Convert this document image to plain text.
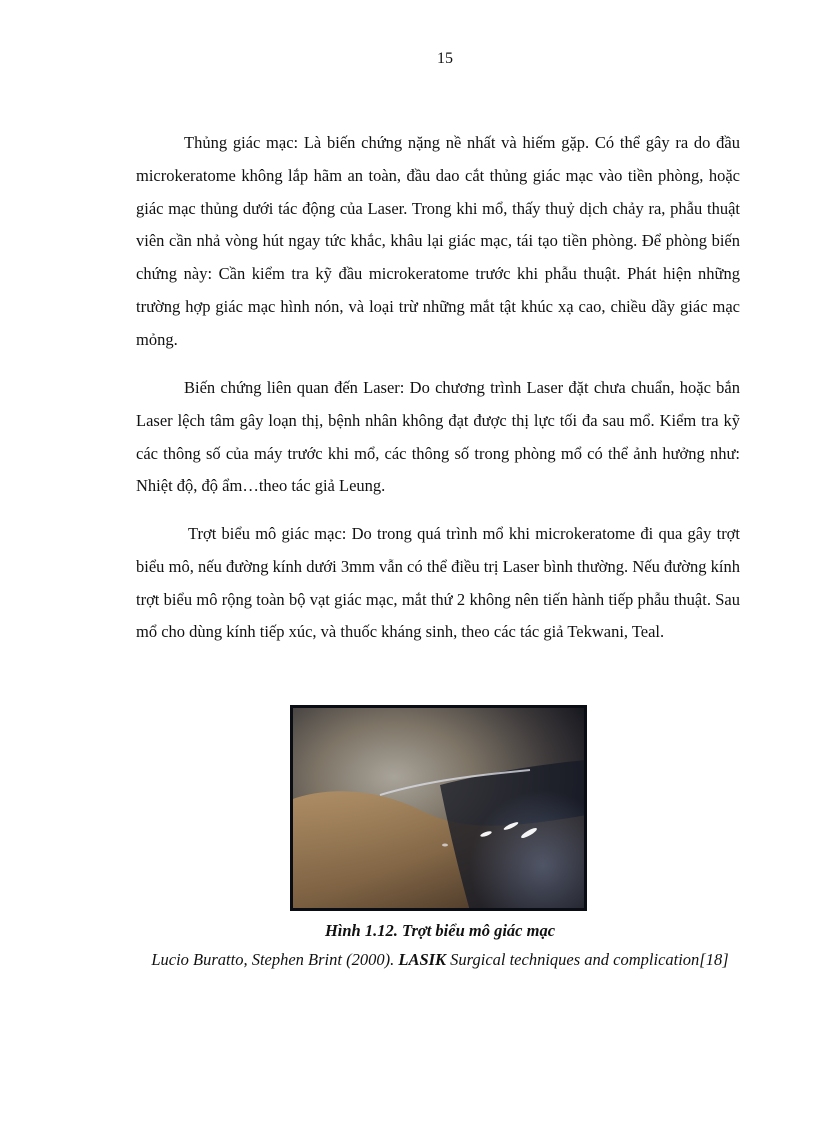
15

Thủng giác mạc: Là biến chứng nặng nề nhất và hiếm gặp. Có thể gây ra do đầu microkeratome không lắp hãm an toàn, đầu dao cắt thủng giác mạc vào tiền phòng, hoặc giác mạc thủng dưới tác động của Laser. Trong khi mổ, thấy thuỷ dịch chảy ra, phẫu thuật viên cần nhả vòng hút ngay tức khắc, khâu lại giác mạc, tái tạo tiền phòng. Để phòng biến chứng này: Cần kiểm tra kỹ đầu microkeratome trước khi phẫu thuật. Phát hiện những trường hợp giác mạc hình nón, và loại trừ những mắt tật khúc xạ cao, chiều dầy giác mạc mỏng.

Biến chứng liên quan đến Laser: Do chương trình Laser đặt chưa chuẩn, hoặc bắn Laser lệch tâm gây loạn thị, bệnh nhân không đạt được thị lực tối đa sau mổ. Kiểm tra kỹ các thông số của máy trước khi mổ, các thông số trong phòng mổ có thể ảnh hưởng như: Nhiệt độ, độ ẩm…theo tác giả Leung.

Trợt biểu mô giác mạc: Do trong quá trình mổ khi microkeratome đi qua gây trợt biểu mô, nếu đường kính dưới 3mm vẫn có thể điều trị Laser bình thường. Nếu đường kính trợt biểu mô rộng toàn bộ vạt giác mạc, mắt thứ 2 không nên tiến hành tiếp phẫu thuật. Sau mổ cho dùng kính tiếp xúc, và thuốc kháng sinh, theo các tác giả Tekwani, Teal.

Hình 1.12. Trợt biểu mô giác mạc
Lucio Buratto, Stephen Brint (2000). LASIK Surgical techniques and complication[18]
